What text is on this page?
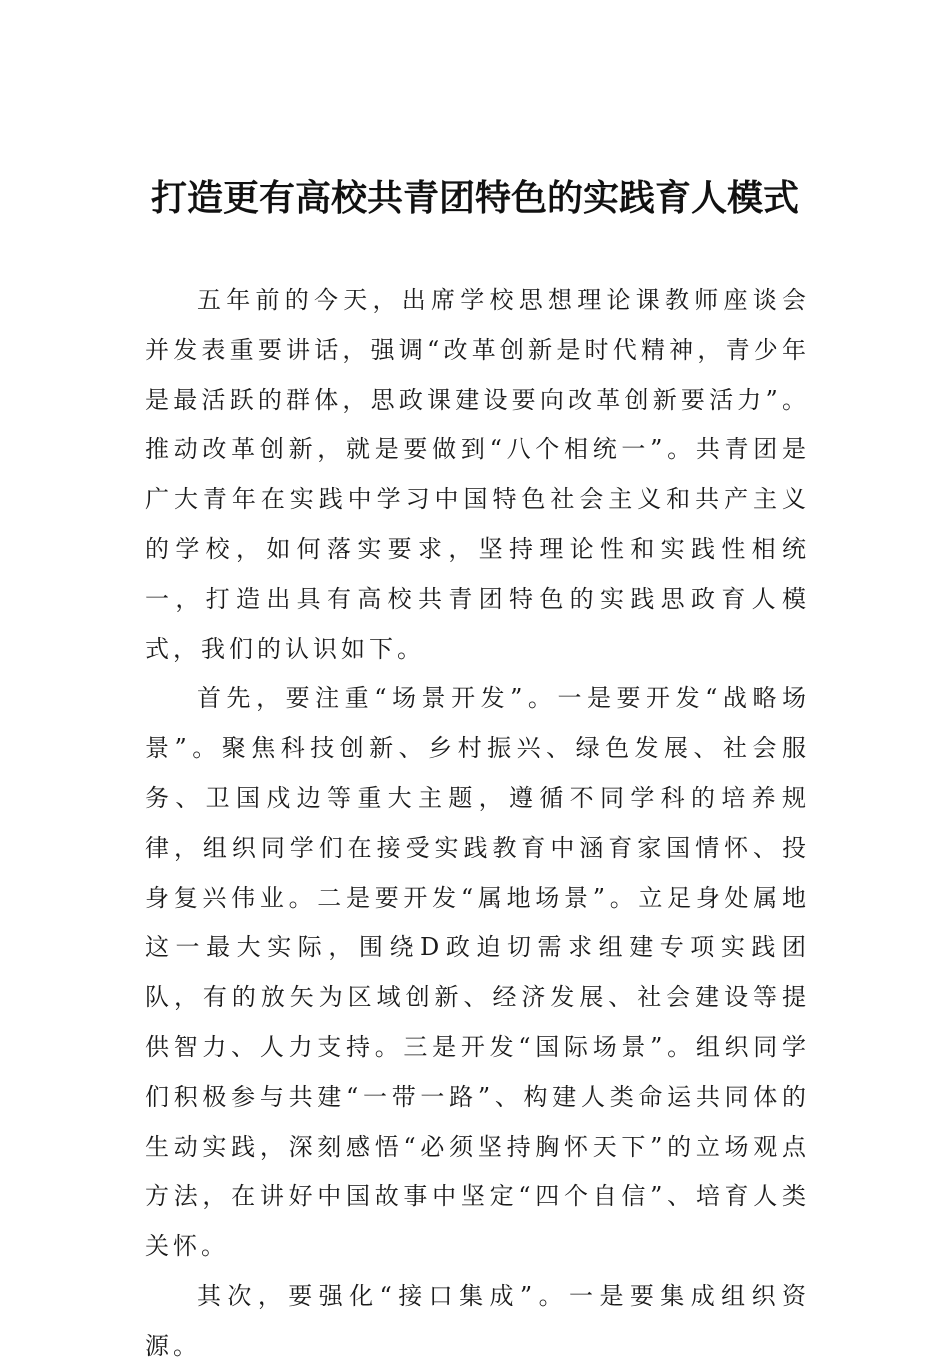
打造更有高校共青团特色的实践育人模式

五年前的今天，出席学校思想理论课教师座谈会并发表重要讲话，强调“改革创新是时代精神，青少年是最活跃的群体，思政课建设要向改革创新要活力”。推动改革创新，就是要做到“八个相统一”。共青团是广大青年在实践中学习中国特色社会主义和共产主义的学校，如何落实要求，坚持理论性和实践性相统一，打造出具有高校共青团特色的实践思政育人模式，我们的认识如下。

首先，要注重“场景开发”。一是要开发“战略场景”。聚焦科技创新、乡村振兴、绿色发展、社会服务、卫国戍边等重大主题，遵循不同学科的培养规律，组织同学们在接受实践教育中涵育家国情怀、投身复兴伟业。二是要开发“属地场景”。立足身处属地这一最大实际，围绕D政迫切需求组建专项实践团队，有的放矢为区域创新、经济发展、社会建设等提供智力、人力支持。三是开发“国际场景”。组织同学们积极参与共建“一带一路”、构建人类命运共同体的生动实践，深刻感悟“必须坚持胸怀天下”的立场观点方法，在讲好中国故事中坚定“四个自信”、培育人类关怀。

其次，要强化“接口集成”。一是要集成组织资源。
